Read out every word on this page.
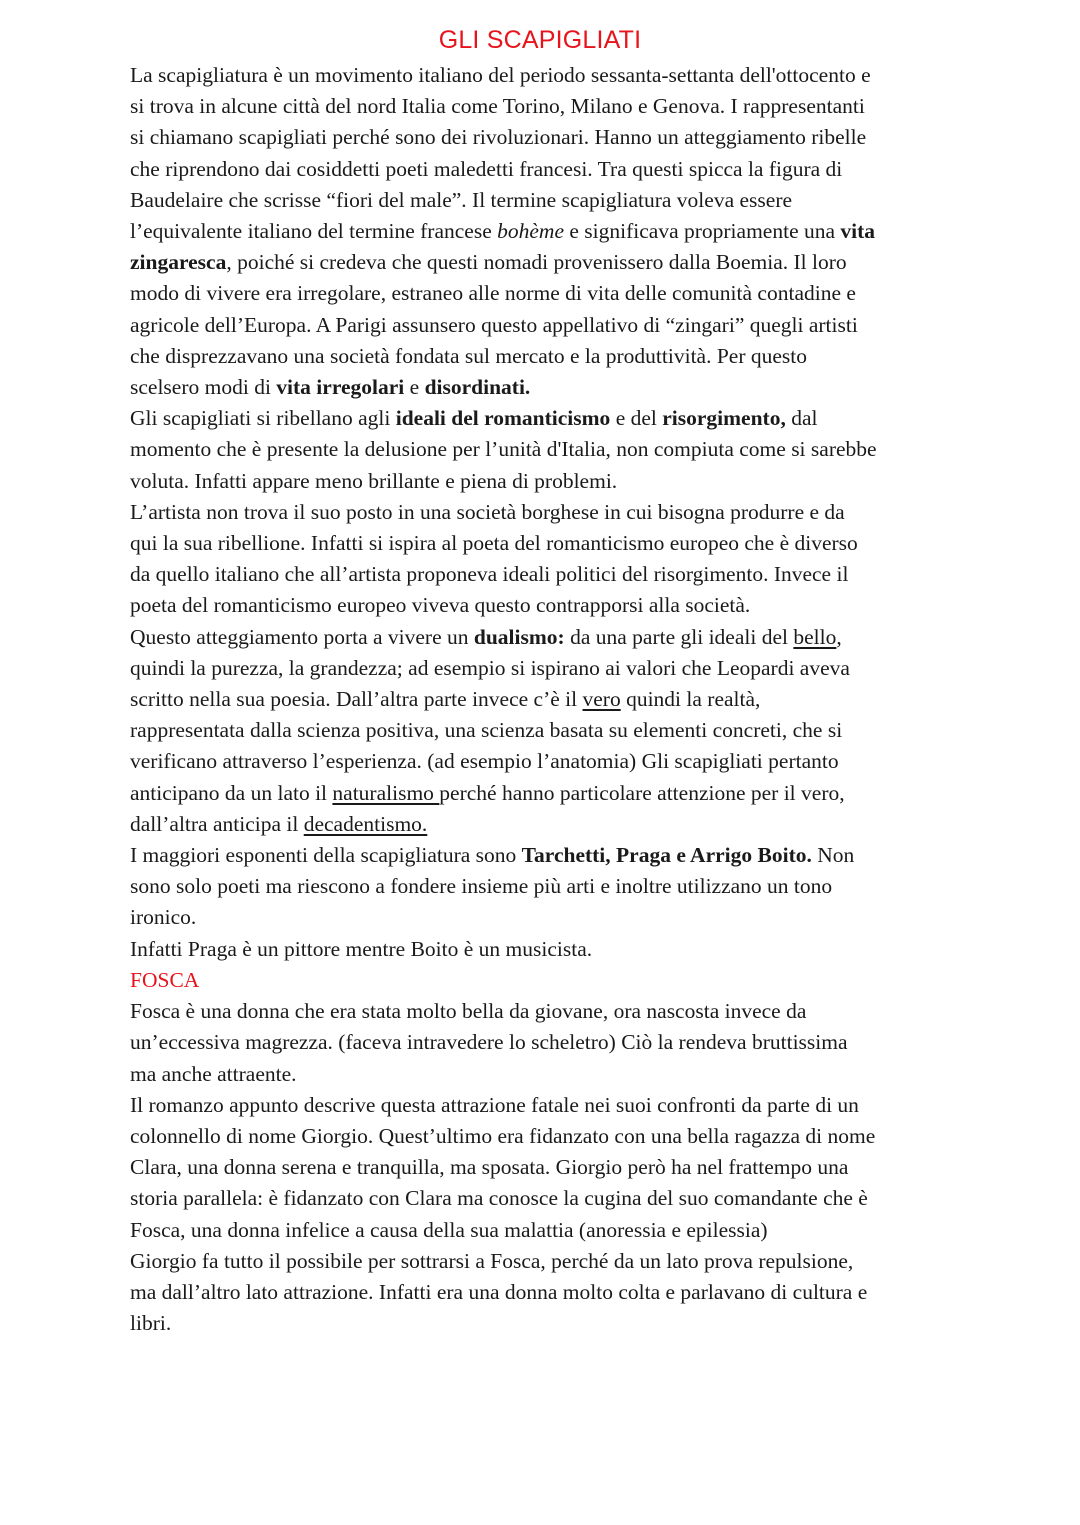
GLI SCAPIGLIATI

La scapigliatura è un movimento italiano del periodo sessanta-settanta dell'ottocento e
si trova in alcune città del nord Italia come Torino, Milano e Genova. I rappresentanti
si chiamano scapigliati perché sono dei rivoluzionari. Hanno un atteggiamento ribelle
che riprendono dai cosiddetti poeti maledetti francesi. Tra questi spicca la figura di
Baudelaire che scrisse “fiori del male”. Il termine scapigliatura voleva essere
l’equivalente italiano del termine francese bohème e significava propriamente una vita
zingaresca, poiché si credeva che questi nomadi provenissero dalla Boemia. Il loro
modo di vivere era irregolare, estraneo alle norme di vita delle comunità contadine e
agricole dell’Europa. A Parigi assunsero questo appellativo di “zingari” quegli artisti
che disprezzavano una società fondata sul mercato e la produttività. Per questo
scelsero modi di vita irregolari e disordinati.

Gli scapigliati si ribellano agli ideali del romanticismo e del risorgimento, dal
momento che è presente la delusione per l’unità d'Italia, non compiuta come si sarebbe
voluta. Infatti appare meno brillante e piena di problemi.

L’artista non trova il suo posto in una società borghese in cui bisogna produrre e da
qui la sua ribellione. Infatti si ispira al poeta del romanticismo europeo che è diverso
da quello italiano che all’artista proponeva ideali politici del risorgimento. Invece il
poeta del romanticismo europeo viveva questo contrapporsi alla società.

Questo atteggiamento porta a vivere un dualismo: da una parte gli ideali del bello,
quindi la purezza, la grandezza; ad esempio si ispirano ai valori che Leopardi aveva
scritto nella sua poesia. Dall’altra parte invece c’è il vero quindi la realtà,
rappresentata dalla scienza positiva, una scienza basata su elementi concreti, che si
verificano attraverso l’esperienza. (ad esempio l’anatomia) Gli scapigliati pertanto
anticipano da un lato il naturalismo perché hanno particolare attenzione per il vero,
dall’altra anticipa il decadentismo.

I maggiori esponenti della scapigliatura sono Tarchetti, Praga e Arrigo Boito. Non
sono solo poeti ma riescono a fondere insieme più arti e inoltre utilizzano un tono
ironico.

Infatti Praga è un pittore mentre Boito è un musicista.

FOSCA

Fosca è una donna che era stata molto bella da giovane, ora nascosta invece da
un’eccessiva magrezza. (faceva intravedere lo scheletro) Ciò la rendeva bruttissima
ma anche attraente.

Il romanzo appunto descrive questa attrazione fatale nei suoi confronti da parte di un
colonnello di nome Giorgio. Quest’ultimo era fidanzato con una bella ragazza di nome
Clara, una donna serena e tranquilla, ma sposata. Giorgio però ha nel frattempo una
storia parallela: è fidanzato con Clara ma conosce la cugina del suo comandante che è
Fosca, una donna infelice a causa della sua malattia (anoressia e epilessia)

Giorgio fa tutto il possibile per sottrarsi a Fosca, perché da un lato prova repulsione,
ma dall’altro lato attrazione. Infatti era una donna molto colta e parlavano di cultura e
libri.
